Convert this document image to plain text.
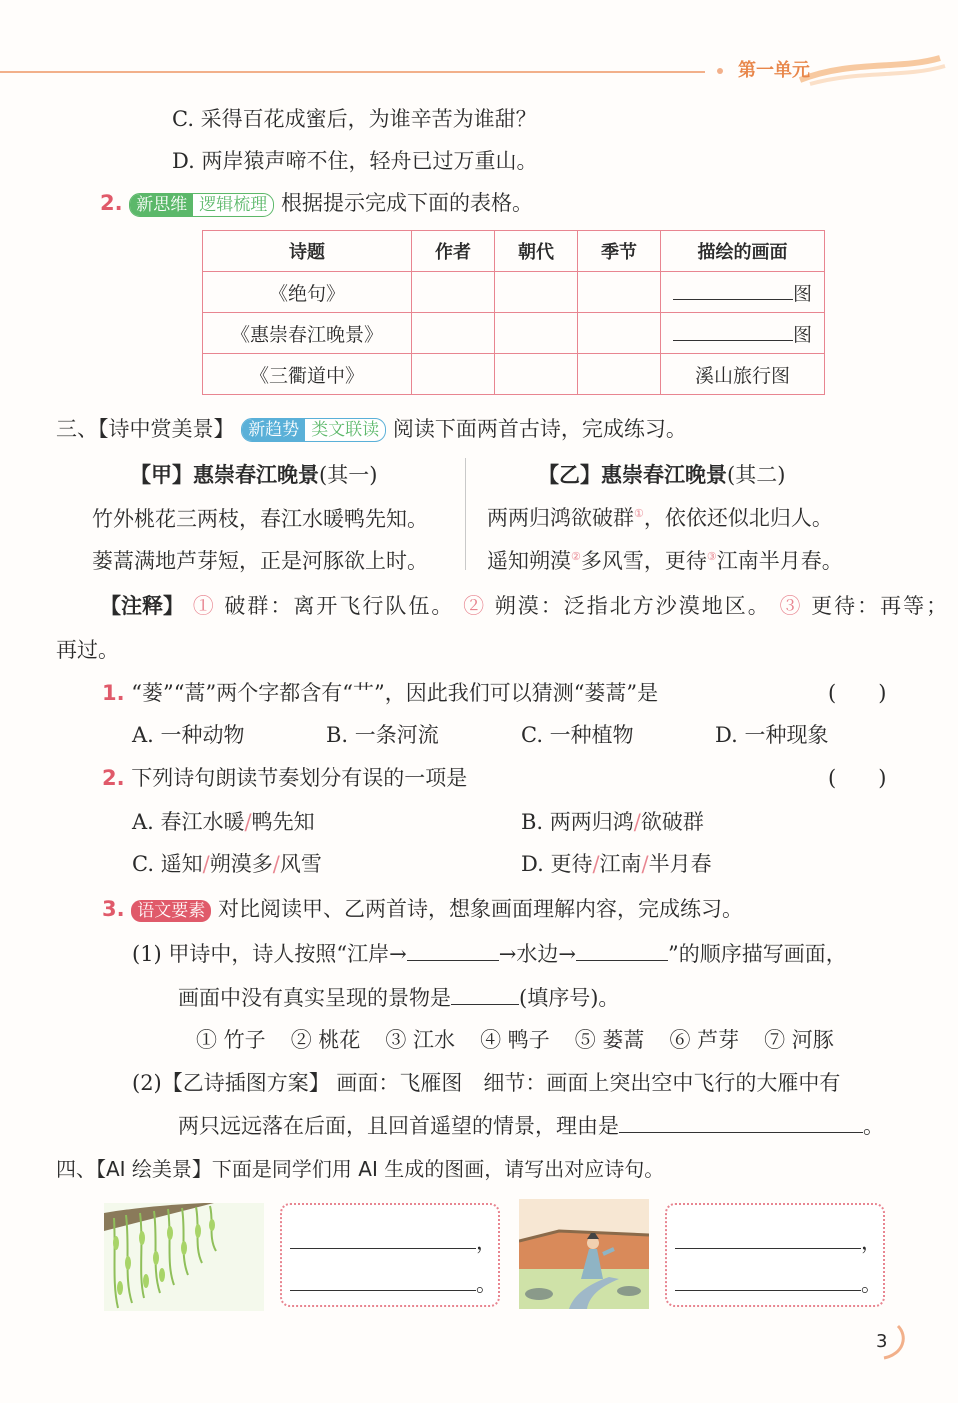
第一单元
C. 采得百花成蜜后，为谁辛苦为谁甜？
D. 两岸猿声啼不住，轻舟已过万重山。
2. 新思维 逻辑梳理 根据提示完成下面的表格。
诗题	作者	朝代	季节	描绘的画面
《绝句》				图
《惠崇春江晚景》				图
《三衢道中》				溪山旅行图
三、【诗中赏美景】 新趋势 类文联读 阅读下面两首古诗，完成练习。
【甲】惠崇春江晚景(其一)
竹外桃花三两枝，春江水暖鸭先知。
蒌蒿满地芦芽短，正是河豚欲上时。
【乙】惠崇春江晚景(其二)
两两归鸿欲破群①，依依还似北归人。
遥知朔漠②多风雪，更待③江南半月春。
【注释】 ① 破群：离开飞行队伍。 ② 朔漠：泛指北方沙漠地区。 ③ 更待：再等；
再过。
1. “蒌”“蒿”两个字都含有“艹”，因此我们可以猜测“蒌蒿”是	(　　)
A. 一种动物	B. 一条河流	C. 一种植物	D. 一种现象
2. 下列诗句朗读节奏划分有误的一项是	(　　)
A. 春江水暖/鸭先知	B. 两两归鸿/欲破群
C. 遥知/朔漠多/风雪	D. 更待/江南/半月春
3. 语文要素 对比阅读甲、乙两首诗，想象画面理解内容，完成练习。
(1) 甲诗中，诗人按照“江岸→	→水边→	”的顺序描写画面，
画面中没有真实呈现的景物是	(填序号)。
① 竹子 ② 桃花 ③ 江水 ④ 鸭子 ⑤ 蒌蒿 ⑥ 芦芽 ⑦ 河豚
(2)【乙诗插图方案】 画面：飞雁图　细节：画面上突出空中飞行的大雁中有
两只远远落在后面，且回首遥望的情景，理由是	。
四、【AI 绘美景】下面是同学们用 AI 生成的图画，请写出对应诗句。
，
。
，
。
3
